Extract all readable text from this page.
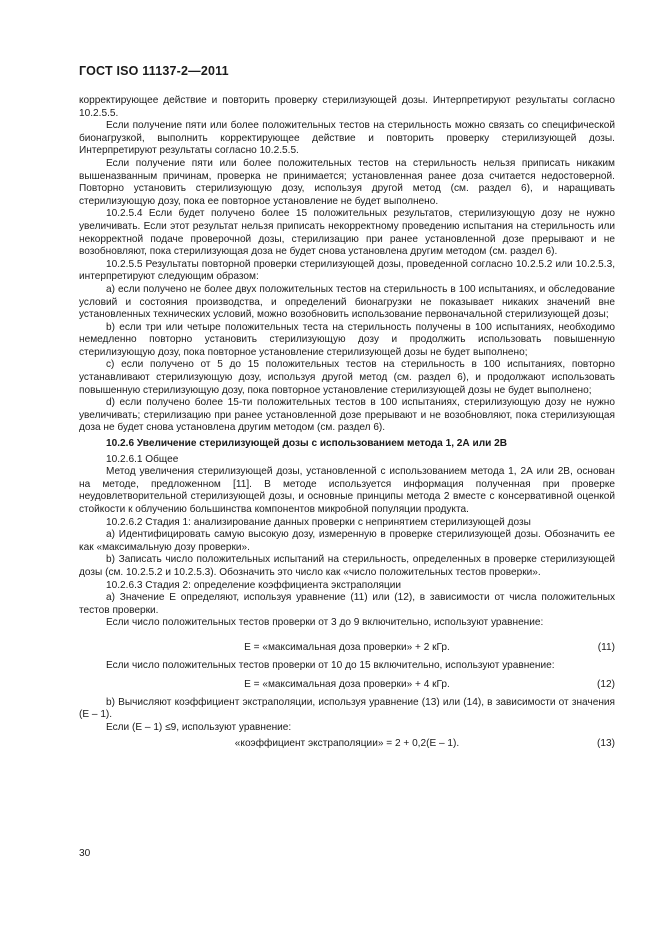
ГОСТ ISO 11137-2—2011

корректирующее действие и повторить проверку стерилизующей дозы. Интерпретируют результаты согласно 10.2.5.5.

Если получение пяти или более положительных тестов на стерильность можно связать со специфической бионагрузкой, выполнить корректирующее действие и повторить проверку стерилизующей дозы. Интерпретируют результаты согласно 10.2.5.5.

Если получение пяти или более положительных тестов на стерильность нельзя приписать никаким вышеназванным причинам, проверка не принимается; установленная ранее доза считается недостоверной. Повторно установить стерилизующую дозу, используя другой метод (см. раздел 6), и наращивать стерилизующую дозу, пока ее повторное установление не будет выполнено.

10.2.5.4 Если будет получено более 15 положительных результатов, стерилизующую дозу не нужно увеличивать. Если этот результат нельзя приписать некорректному проведению испытания на стерильность или некорректной подаче проверочной дозы, стерилизацию при ранее установленной дозе прерывают и не возобновляют, пока стерилизующая доза не будет снова установлена другим методом (см. раздел 6).

10.2.5.5 Результаты повторной проверки стерилизующей дозы, проведенной согласно 10.2.5.2 или 10.2.5.3, интерпретируют следующим образом:

a) если получено не более двух положительных тестов на стерильность в 100 испытаниях, и обследование условий и состояния производства, и определений бионагрузки не показывает никаких значений вне установленных технических условий, можно возобновить использование первоначальной стерилизующей дозы;

b) если три или четыре положительных теста на стерильность получены в 100 испытаниях, необходимо немедленно повторно установить стерилизующую дозу и продолжить использовать повышенную стерилизующую дозу, пока повторное установление стерилизующей дозы не будет выполнено;

c) если получено от 5 до 15 положительных тестов на стерильность в 100 испытаниях, повторно устанавливают стерилизующую дозу, используя другой метод (см. раздел 6), и продолжают использовать повышенную стерилизующую дозу, пока повторное установление стерилизующей дозы не будет выполнено;

d) если получено более 15-ти положительных тестов в 100 испытаниях, стерилизующую дозу не нужно увеличивать; стерилизацию при ранее установленной дозе прерывают и не возобновляют, пока стерилизующая доза не будет снова установлена другим методом (см. раздел 6).

10.2.6 Увеличение стерилизующей дозы с использованием метода 1, 2А или 2В

10.2.6.1 Общее

Метод увеличения стерилизующей дозы, установленной с использованием метода 1, 2А или 2В, основан на методе, предложенном [11]. В методе используется информация полученная при проверке неудовлетворительной стерилизующей дозы, и основные принципы метода 2 вместе с консервативной оценкой стойкости к облучению большинства компонентов микробной популяции продукта.

10.2.6.2 Стадия 1: анализирование данных проверки с непринятием стерилизующей дозы

a) Идентифицировать самую высокую дозу, измеренную в проверке стерилизующей дозы. Обозначить ее как «максимальную дозу проверки».

b) Записать число положительных испытаний на стерильность, определенных в проверке стерилизующей дозы (см. 10.2.5.2 и 10.2.5.3). Обозначить это число как «число положительных тестов проверки».

10.2.6.3 Стадия 2: определение коэффициента экстраполяции

a) Значение E определяют, используя уравнение (11) или (12), в зависимости от числа положительных тестов проверки.

Если число положительных тестов проверки от 3 до 9 включительно, используют уравнение:

E = «максимальная доза проверки» + 2 кГр.	(11)

Если число положительных тестов проверки от 10 до 15 включительно, используют уравнение:

E = «максимальная доза проверки» + 4 кГр.	(12)

b) Вычисляют коэффициент экстраполяции, используя уравнение (13) или (14), в зависимости от значения (E – 1).

Если (E – 1) ≤9, используют уравнение:

«коэффициент экстраполяции» = 2 + 0,2(E – 1).	(13)
30
